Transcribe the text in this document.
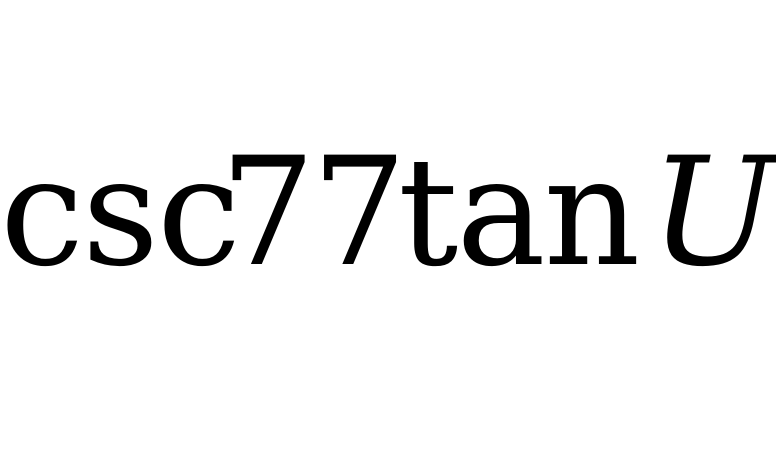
csc
77
tan U
